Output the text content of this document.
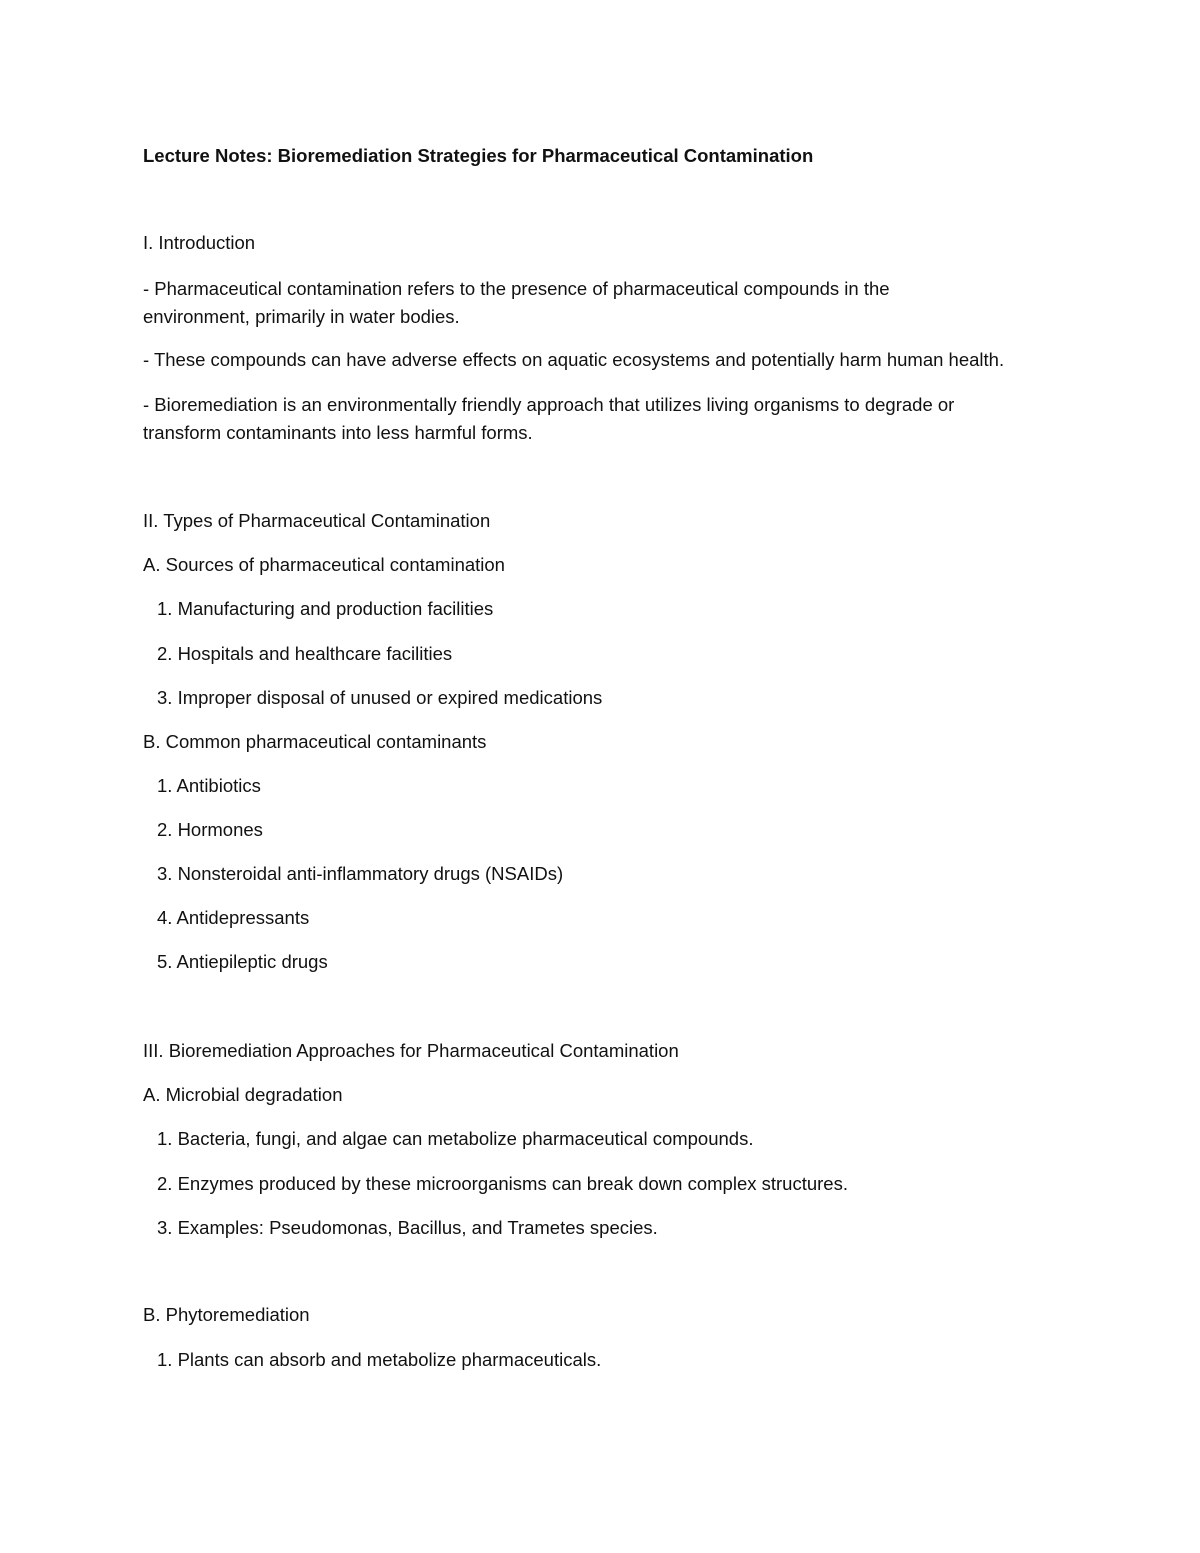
Lecture Notes: Bioremediation Strategies for Pharmaceutical Contamination
I. Introduction
- Pharmaceutical contamination refers to the presence of pharmaceutical compounds in the
environment, primarily in water bodies.
- These compounds can have adverse effects on aquatic ecosystems and potentially harm human health.
- Bioremediation is an environmentally friendly approach that utilizes living organisms to degrade or
transform contaminants into less harmful forms.
II. Types of Pharmaceutical Contamination
A. Sources of pharmaceutical contamination
1. Manufacturing and production facilities
2. Hospitals and healthcare facilities
3. Improper disposal of unused or expired medications
B. Common pharmaceutical contaminants
1. Antibiotics
2. Hormones
3. Nonsteroidal anti-inflammatory drugs (NSAIDs)
4. Antidepressants
5. Antiepileptic drugs
III. Bioremediation Approaches for Pharmaceutical Contamination
A. Microbial degradation
1. Bacteria, fungi, and algae can metabolize pharmaceutical compounds.
2. Enzymes produced by these microorganisms can break down complex structures.
3. Examples: Pseudomonas, Bacillus, and Trametes species.
B. Phytoremediation
1. Plants can absorb and metabolize pharmaceuticals.
